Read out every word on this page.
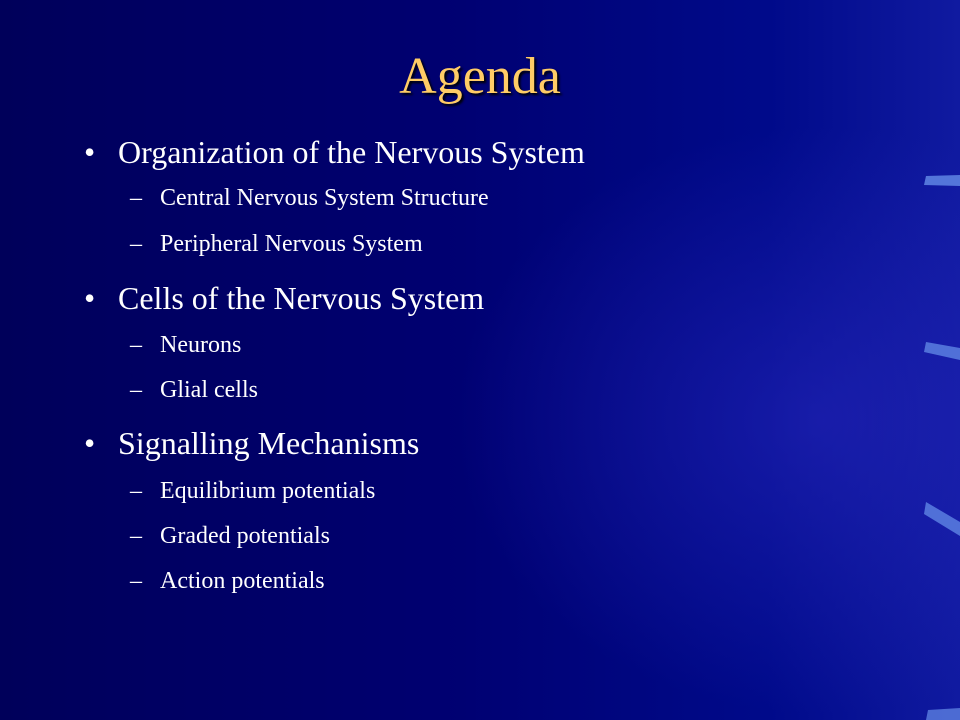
Agenda
• Organization of the Nervous System
– Central Nervous System Structure
– Peripheral Nervous System
• Cells of the Nervous System
– Neurons
– Glial cells
• Signalling Mechanisms
– Equilibrium potentials
– Graded potentials
– Action potentials
